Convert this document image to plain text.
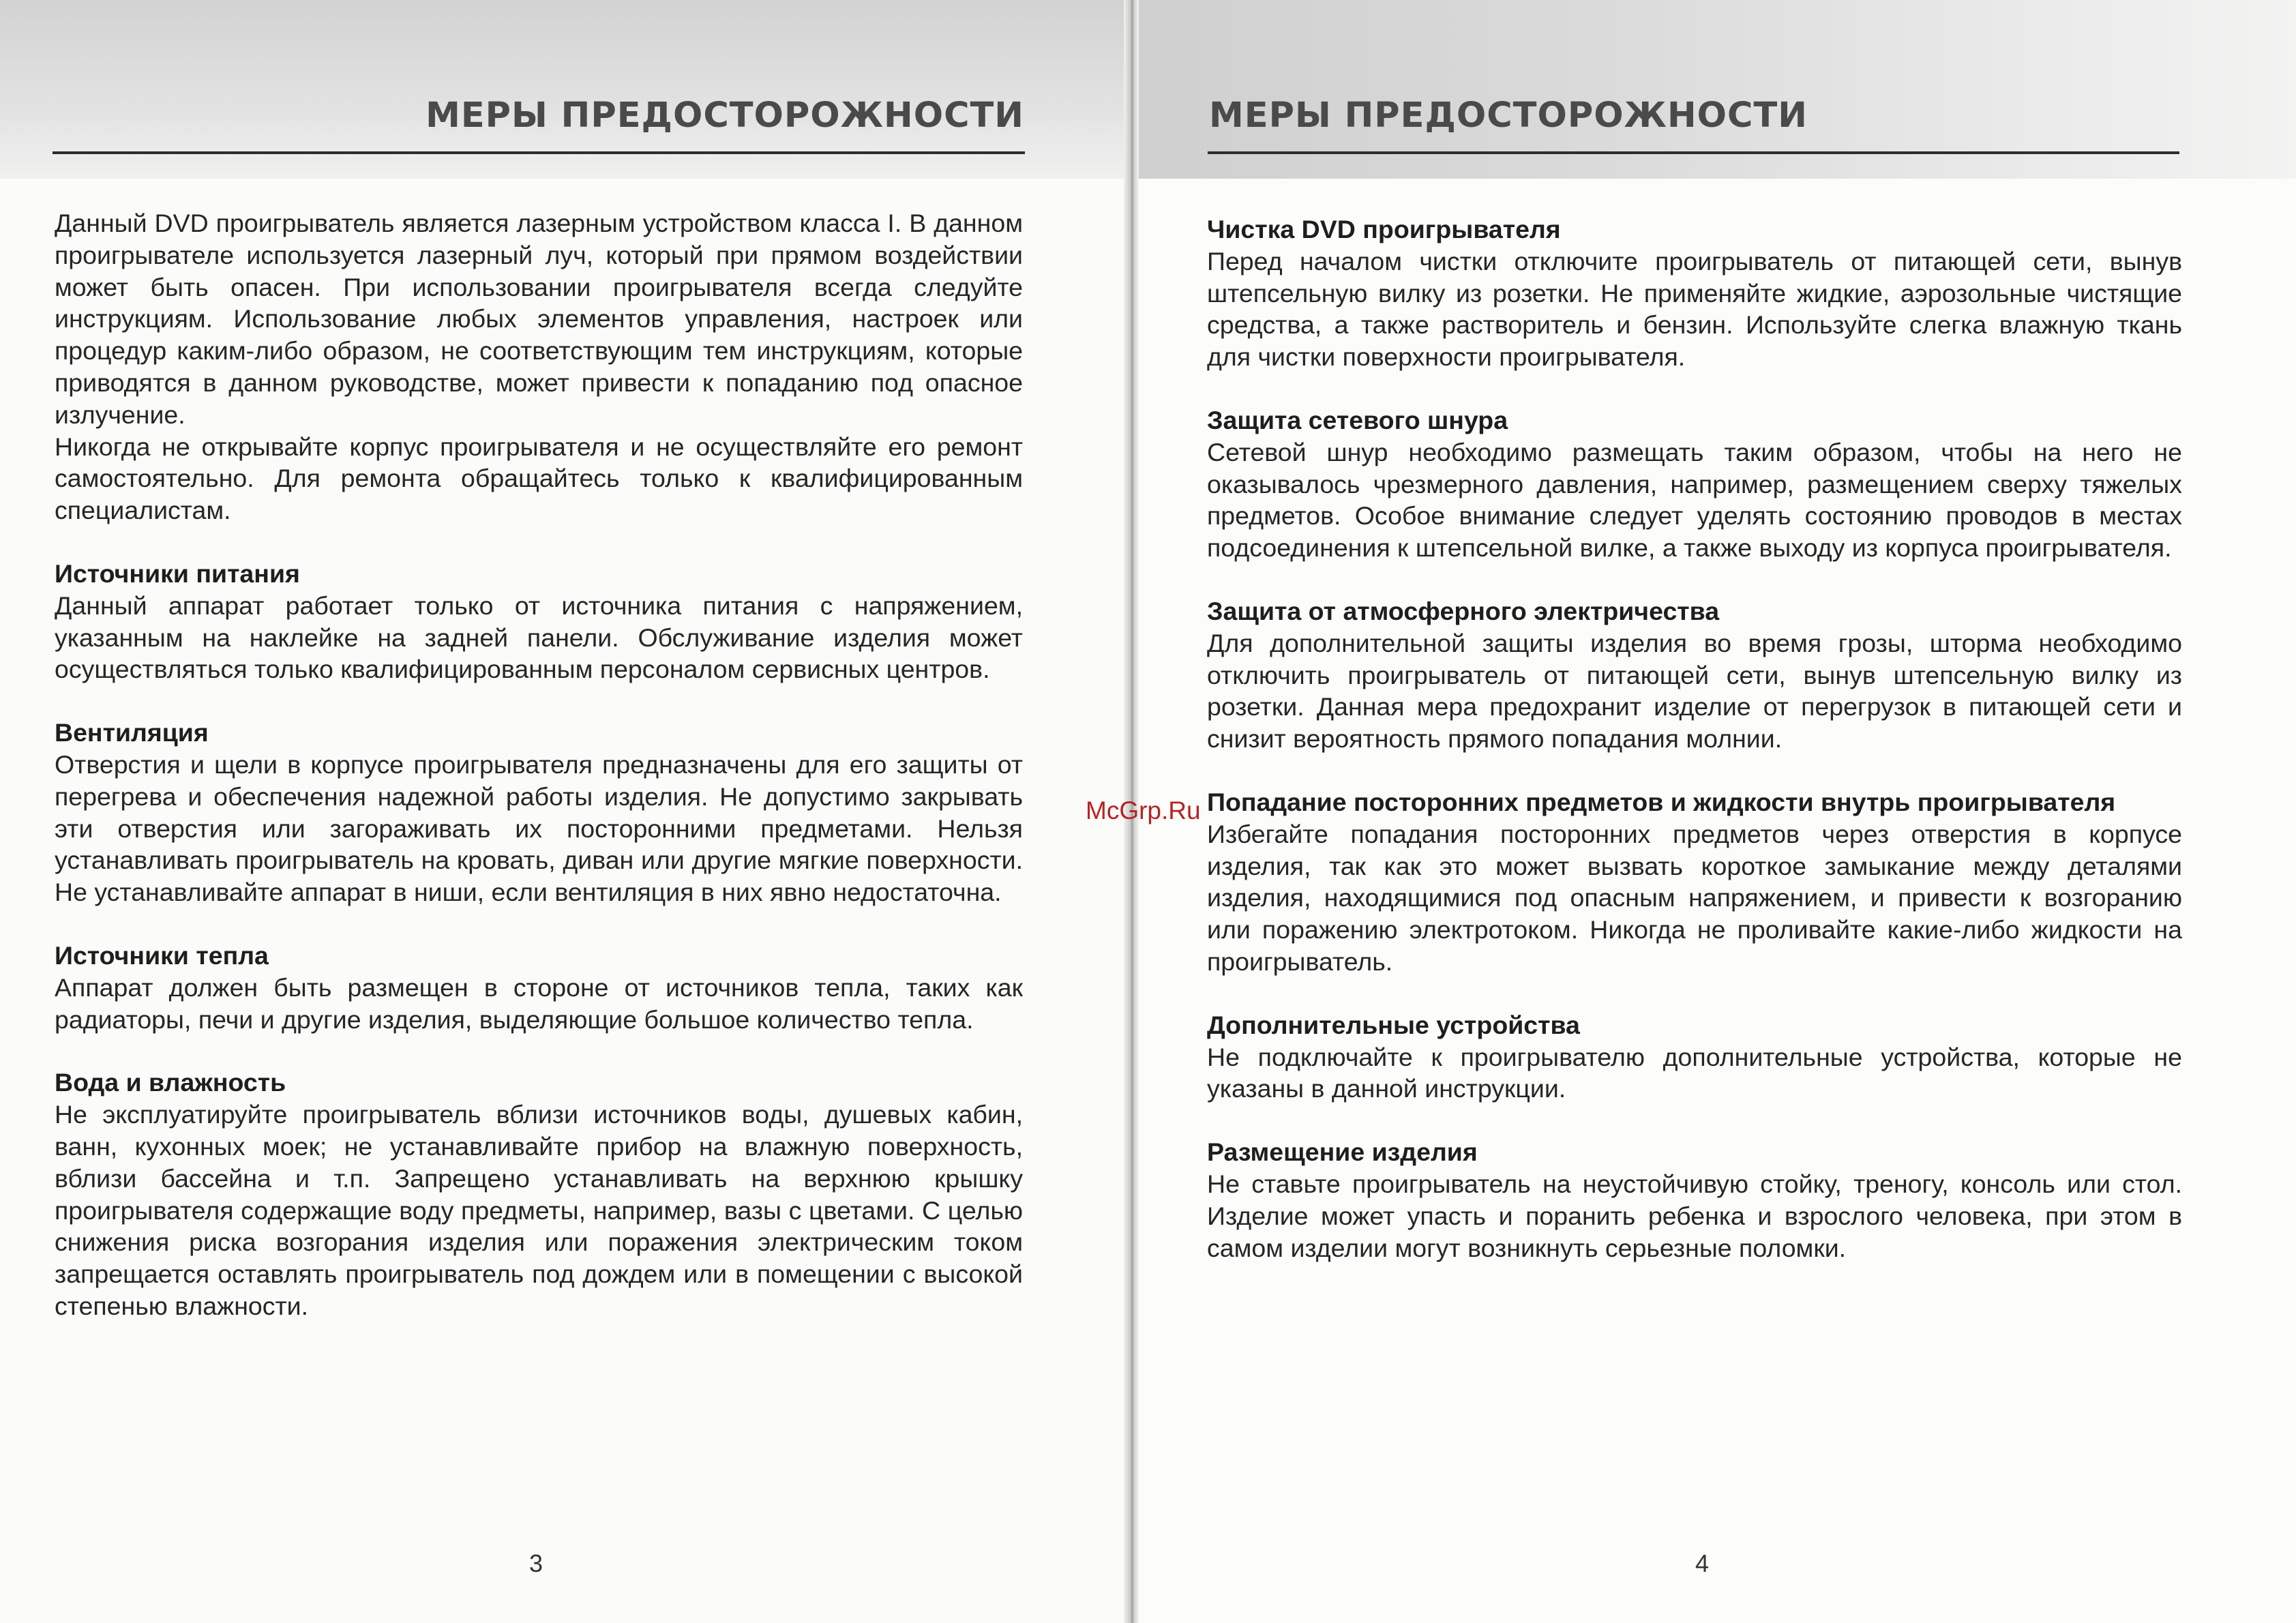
МЕРЫ ПРЕДОСТОРОЖНОСТИ

Данный DVD проигрыватель является лазерным устройством класса I. В данном проигрывателе используется лазерный луч, который при прямом воздействии может быть опасен. При использовании проигрывателя всегда следуйте инструкциям. Использование любых элементов управления, настроек или процедур каким-либо образом, не соответствующим тем инструкциям, которые приводятся в данном руководстве, может привести к попаданию под опасное излучение.

Никогда не открывайте корпус проигрывателя и не осуществляйте его ремонт самостоятельно. Для ремонта обращайтесь только к квалифицированным специалистам.

Источники питания

Данный аппарат работает только от источника питания с напряжением, указанным на наклейке на задней панели. Обслуживание изделия может осуществляться только квалифицированным персоналом сервисных центров.

Вентиляция

Отверстия и щели в корпусе проигрывателя предназначены для его защиты от перегрева и обеспечения надежной работы изделия. Не допустимо закрывать эти отверстия или загораживать их посторонними предметами. Нельзя устанавливать проигрыватель на кровать, диван или другие мягкие поверхности. Не устанавливайте аппарат в ниши, если вентиляция в них явно недостаточна.

Источники тепла

Аппарат должен быть размещен в стороне от источников тепла, таких как радиаторы, печи и другие изделия, выделяющие большое количество тепла.

Вода и влажность

Не эксплуатируйте проигрыватель вблизи источников воды, душевых кабин, ванн, кухонных моек; не устанавливайте прибор на влажную поверхность, вблизи бассейна и т.п. Запрещено устанавливать на верхнюю крышку проигрывателя содержащие воду предметы, например, вазы с цветами. С целью снижения риска возгорания изделия или поражения электрическим током запрещается оставлять проигрыватель под дождем или в помещении с высокой степенью влажности.

3
МЕРЫ ПРЕДОСТОРОЖНОСТИ
Чистка DVD проигрывателя

Перед началом чистки отключите проигрыватель от питающей сети, вынув штепсельную вилку из розетки. Не применяйте жидкие, аэрозольные чистящие средства, а также растворитель и бензин. Используйте слегка влажную ткань для чистки поверхности проигрывателя.

Защита сетевого шнура

Сетевой шнур необходимо размещать таким образом, чтобы на него не оказывалось чрезмерного давления, например, размещением сверху тяжелых предметов. Особое внимание следует уделять состоянию проводов в местах подсоединения к штепсельной вилке, а также выходу из корпуса проигрывателя.

Защита от атмосферного электричества

Для дополнительной защиты изделия во время грозы, шторма необходимо отключить проигрыватель от питающей сети, вынув штепсельную вилку из розетки. Данная мера предохранит изделие от перегрузок в питающей сети и снизит вероятность прямого попадания молнии.

Попадание посторонних предметов и жидкости внутрь проигрывателя

Избегайте попадания посторонних предметов через отверстия в корпусе изделия, так как это может вызвать короткое замыкание между деталями изделия, находящимися под опасным напряжением, и привести к возгоранию или поражению электротоком. Никогда не проливайте какие-либо жидкости на проигрыватель.

Дополнительные устройства

Не подключайте к проигрывателю дополнительные устройства, которые не указаны в данной инструкции.

Размещение изделия

Не ставьте проигрыватель на неустойчивую стойку, треногу, консоль или стол. Изделие может упасть и поранить ребенка и взрослого человека, при этом в самом изделии могут возникнуть серьезные поломки.

4
McGrp.Ru
